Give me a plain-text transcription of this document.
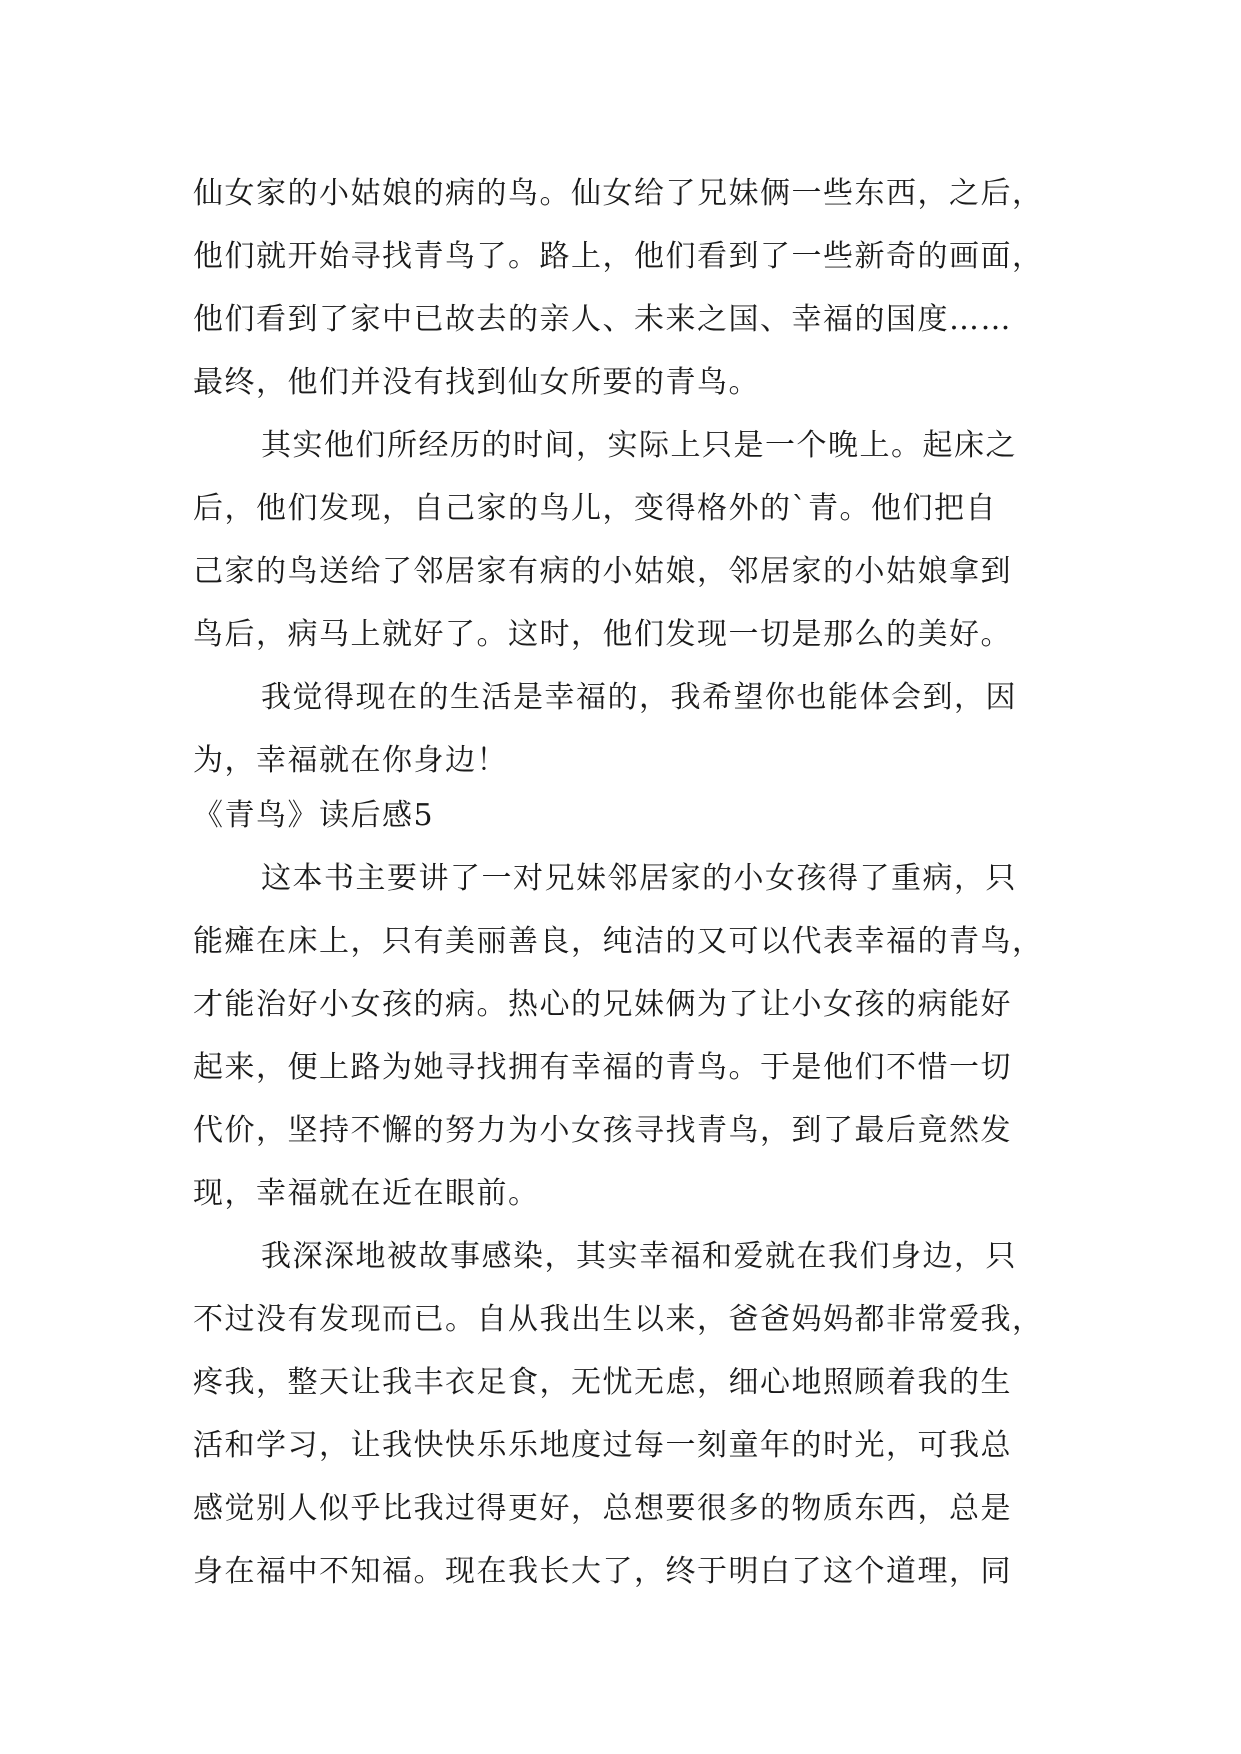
仙女家的小姑娘的病的鸟。仙女给了兄妹俩一些东西，之后，
他们就开始寻找青鸟了。路上，他们看到了一些新奇的画面，
他们看到了家中已故去的亲人、未来之国、幸福的国度……
最终，他们并没有找到仙女所要的青鸟。
其实他们所经历的时间，实际上只是一个晚上。起床之
后，他们发现，自己家的鸟儿，变得格外的`青。他们把自
己家的鸟送给了邻居家有病的小姑娘，邻居家的小姑娘拿到
鸟后，病马上就好了。这时，他们发现一切是那么的美好。
我觉得现在的生活是幸福的，我希望你也能体会到，因
为，幸福就在你身边！
《青鸟》读后感5
这本书主要讲了一对兄妹邻居家的小女孩得了重病，只
能瘫在床上，只有美丽善良，纯洁的又可以代表幸福的青鸟，
才能治好小女孩的病。热心的兄妹俩为了让小女孩的病能好
起来，便上路为她寻找拥有幸福的青鸟。于是他们不惜一切
代价，坚持不懈的努力为小女孩寻找青鸟，到了最后竟然发
现，幸福就在近在眼前。
我深深地被故事感染，其实幸福和爱就在我们身边，只
不过没有发现而已。自从我出生以来，爸爸妈妈都非常爱我，
疼我，整天让我丰衣足食，无忧无虑，细心地照顾着我的生
活和学习，让我快快乐乐地度过每一刻童年的时光，可我总
感觉别人似乎比我过得更好，总想要很多的物质东西，总是
身在福中不知福。现在我长大了，终于明白了这个道理，同
